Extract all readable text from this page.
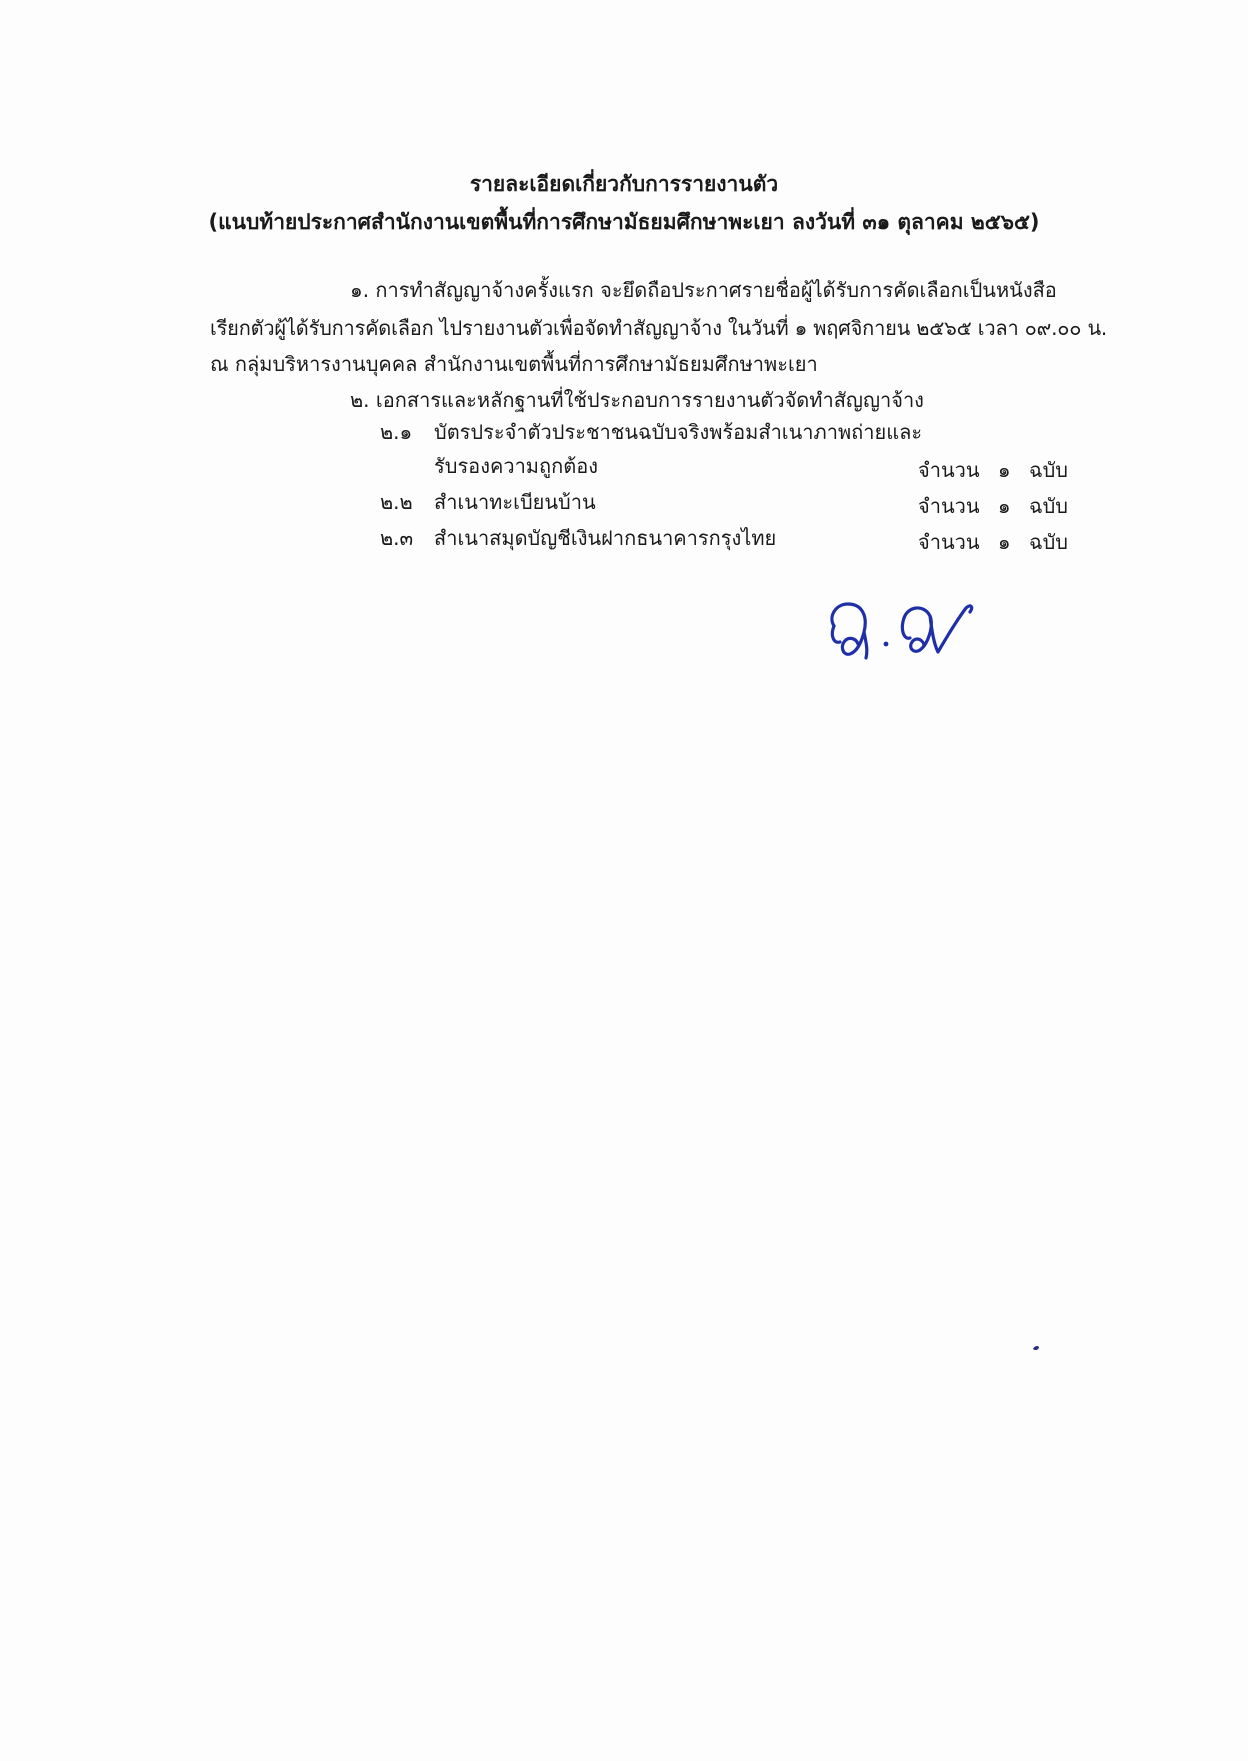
รายละเอียดเกี่ยวกับการรายงานตัว
(แนบท้ายประกาศสำนักงานเขตพื้นที่การศึกษามัธยมศึกษาพะเยา ลงวันที่ ๓๑ ตุลาคม ๒๕๖๕)
๑. การทำสัญญาจ้างครั้งแรก จะยึดถือประกาศรายชื่อผู้ได้รับการคัดเลือกเป็นหนังสือ
เรียกตัวผู้ได้รับการคัดเลือก ไปรายงานตัวเพื่อจัดทำสัญญาจ้าง ในวันที่ ๑ พฤศจิกายน ๒๕๖๕ เวลา ๐๙.๐๐ น.
ณ กลุ่มบริหารงานบุคคล สำนักงานเขตพื้นที่การศึกษามัธยมศึกษาพะเยา
๒. เอกสารและหลักฐานที่ใช้ประกอบการรายงานตัวจัดทำสัญญาจ้าง
๒.๑ บัตรประจำตัวประชาชนฉบับจริงพร้อมสำเนาภาพถ่ายและ
รับรองความถูกต้อง	จำนวน ๑ ฉบับ
๒.๒ สำเนาทะเบียนบ้าน	จำนวน ๑ ฉบับ
๒.๓ สำเนาสมุดบัญชีเงินฝากธนาคารกรุงไทย	จำนวน ๑ ฉบับ
